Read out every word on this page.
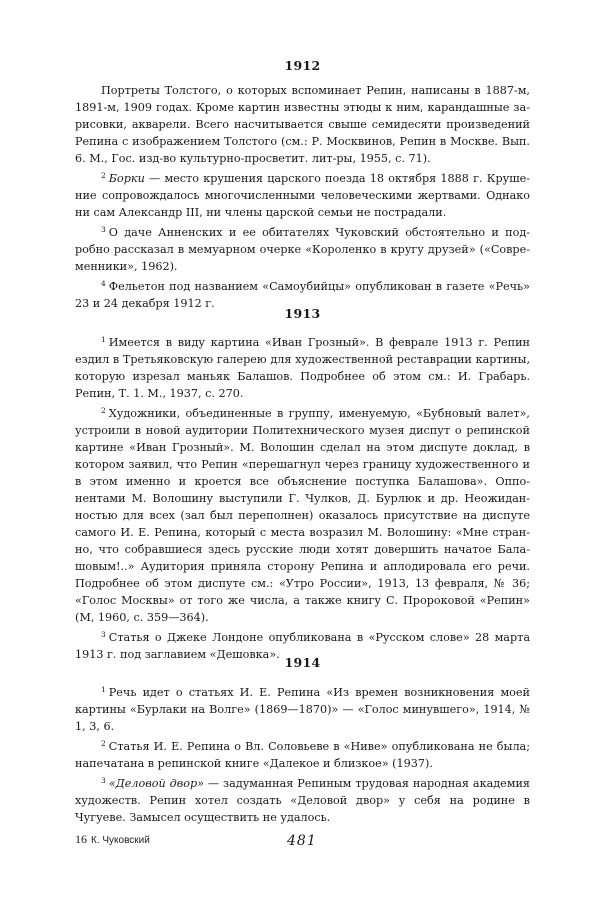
1912

Портреты Толстого, о которых вспоминает Репин, написаны в 1887-м, 1891-м, 1909 годах. Кроме картин известны этюды к ним, карандашные зарисовки, акварели. Всего насчитывается свыше семидесяти произведений Репина с изображением Толстого (см.: Р. Москвинов, Репин в Москве. Вып. 6. М., Гос. изд-во культурно-просветит. лит-ры, 1955, с. 71).

$^2$ Борки — место крушения царского поезда 18 октября 1888 г. Крушение сопровождалось многочисленными человеческими жертвами. Однако ни сам Александр III, ни члены царской семьи не пострадали.

$^3$ О даче Анненских и ее обитателях Чуковский обстоятельно и подробно рассказал в мемуарном очерке «Короленко в кругу друзей» («Современники», 1962).

$^4$ Фельетон под названием «Самоубийцы» опубликован в газете «Речь» 23 и 24 декабря 1912 г.

1913

$^1$ Имеется в виду картина «Иван Грозный». В феврале 1913 г. Репин ездил в Третьяковскую галерею для художественной реставрации картины, которую изрезал маньяк Балашов. Подробнее об этом см.: И. Грабарь. Репин, Т. 1. М., 1937, с. 270.

$^2$ Художники, объединенные в группу, именуемую, «Бубновый валет», устроили в новой аудитории Политехнического музея диспут о репинской картине «Иван Грозный». М. Волошин сделал на этом диспуте доклад, в котором заявил, что Репин «перешагнул через границу художественного и в этом именно и кроется все объяснение поступка Балашова». Оппонентами М. Волошину выступили Г. Чулков, Д. Бурлюк и др. Неожиданностью для всех (зал был переполнен) оказалось присутствие на диспуте самого И. Е. Репина, который с места возразил М. Волошину: «Мне странно, что собравшиеся здесь русские люди хотят довершить начатое Балашовым!..» Аудитория приняла сторону Репина и аплодировала его речи. Подробнее об этом диспуте см.: «Утро России», 1913, 13 февраля, № 36; «Голос Москвы» от того же числа, а также книгу С. Пророковой «Репин» (М, 1960, с. 359—364).

$^3$ Статья о Джеке Лондоне опубликована в «Русском слове» 28 марта 1913 г. под заглавием «Дешовка».

1914

$^1$ Речь идет о статьях И. Е. Репина «Из времен возникновения моей картины «Бурлаки на Волге» (1869—1870)» — «Голос минувшего», 1914, № 1, 3, 6.

$^2$ Статья И. Е. Репина о Вл. Соловьеве в «Ниве» опубликована не была; напечатана в репинской книге «Далекое и близкое» (1937).

$^3$ «Деловой двор» — задуманная Репиным трудовая народная академия художеств. Репин хотел создать «Деловой двор» у себя на родине в Чугуеве. Замысел осуществить не удалось.

16 К. Чуковский	481
